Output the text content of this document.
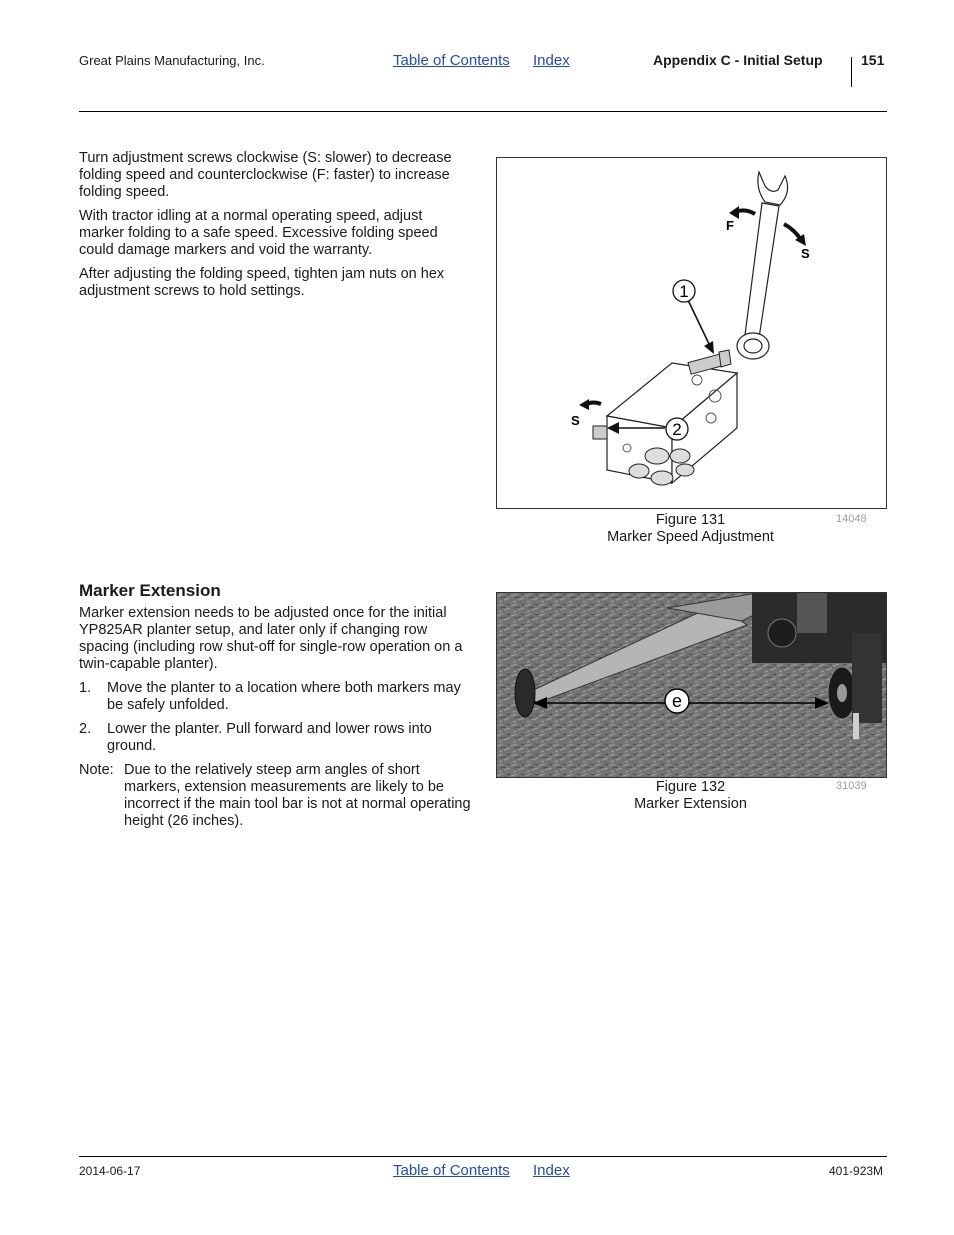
Great Plains Manufacturing, Inc.	Table of Contents Index	Appendix C - Initial Setup	151

Turn adjustment screws clockwise (S: slower) to decrease folding speed and counterclockwise (F: faster) to increase folding speed.

With tractor idling at a normal operating speed, adjust marker folding to a safe speed. Excessive folding speed could damage markers and void the warranty.

After adjusting the folding speed, tighten jam nuts on hex adjustment screws to hold settings.	1
2
F
S
S
Figure 131
Marker Speed Adjustment
14048
Marker Extension

Marker extension needs to be adjusted once for the initial YP825AR planter setup, and later only if changing row spacing (including row shut-off for single-row operation on a twin-capable planter).

1.	Move the planter to a location where both markers may be safely unfolded.
2.	Lower the planter. Pull forward and lower rows into ground.
Note: Due to the relatively steep arm angles of short markers, extension measurements are likely to be incorrect if the main tool bar is not at normal operating height (26 inches).
e
Figure 132
Marker Extension
31039
2014-06-17	Table of Contents Index	401-923M
